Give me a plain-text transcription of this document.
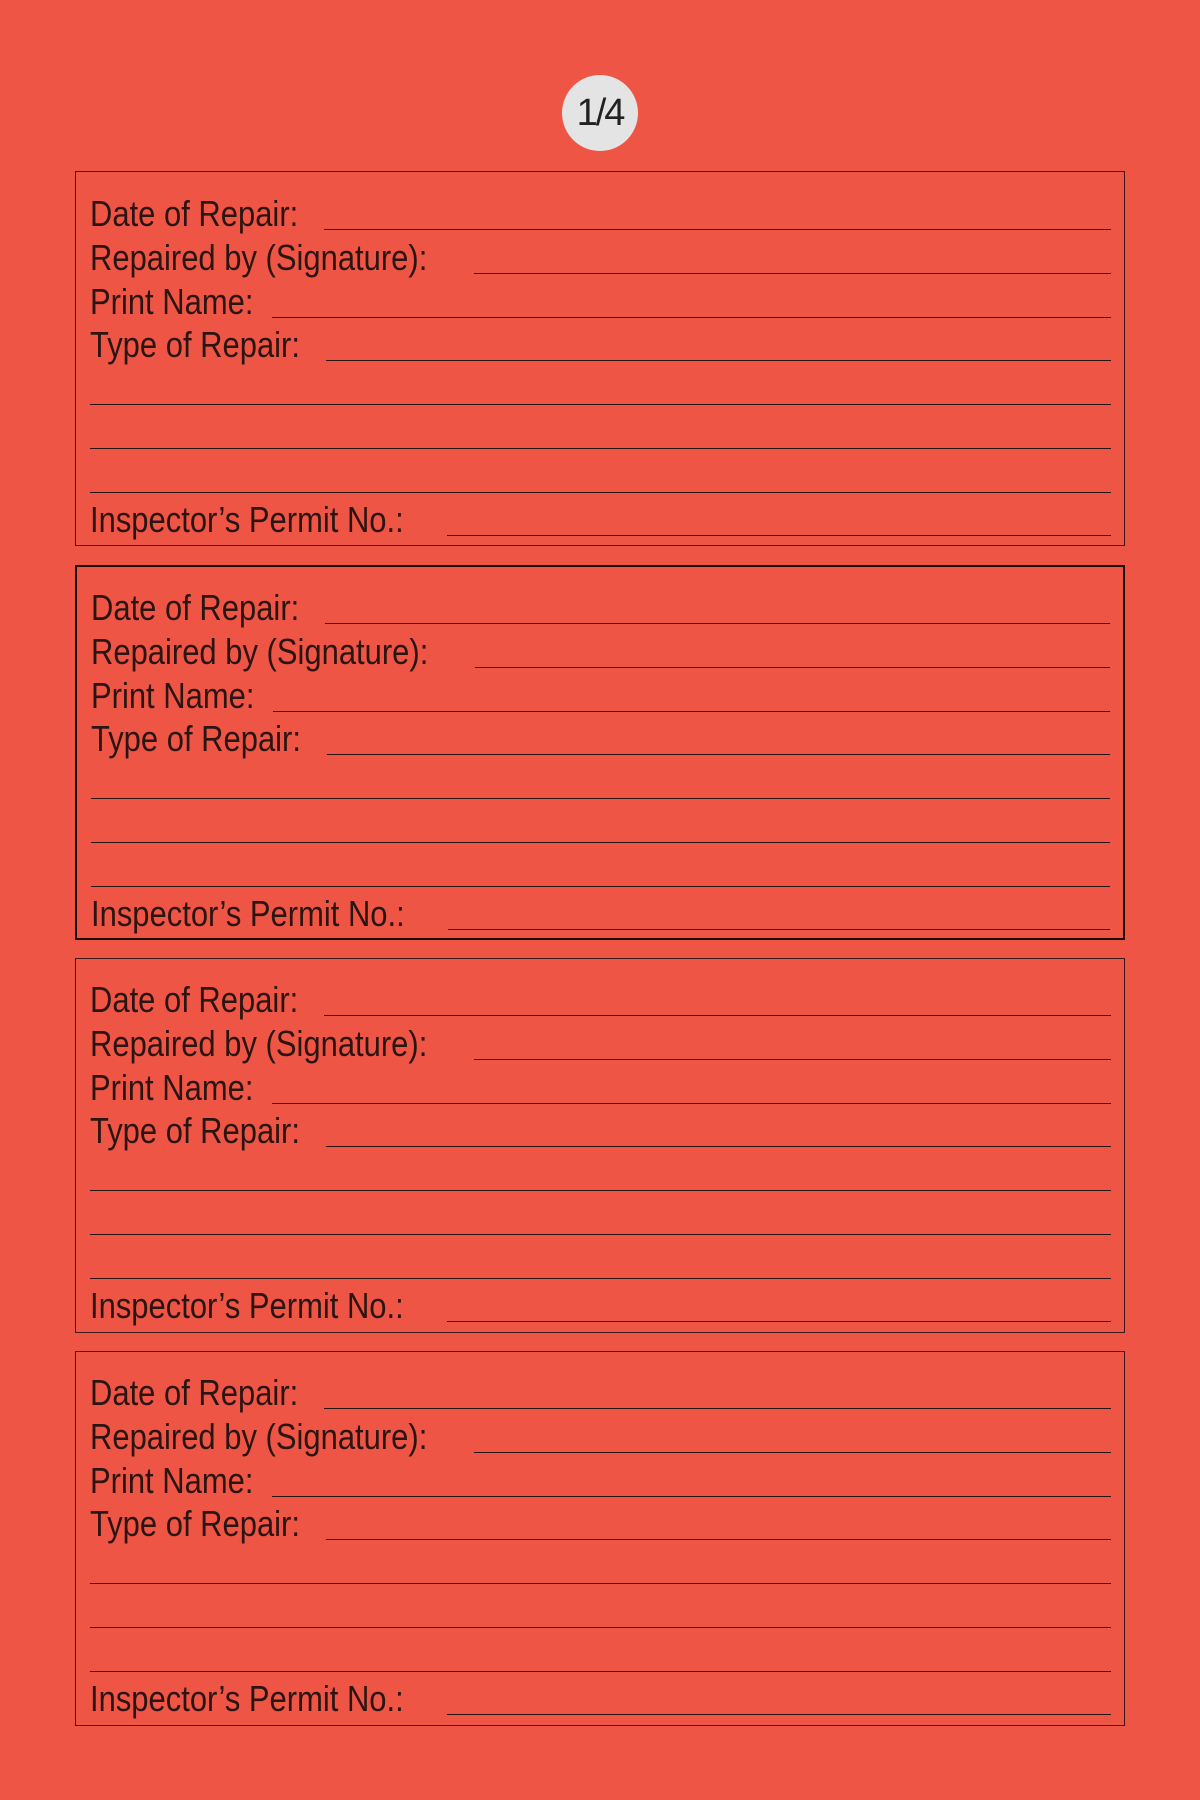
1/4
Date of Repair:
Repaired by (Signature):
Print Name:
Type of Repair:
Inspector’s Permit No.:
Date of Repair:
Repaired by (Signature):
Print Name:
Type of Repair:
Inspector’s Permit No.:
Date of Repair:
Repaired by (Signature):
Print Name:
Type of Repair:
Inspector’s Permit No.:
Date of Repair:
Repaired by (Signature):
Print Name:
Type of Repair:
Inspector’s Permit No.:
